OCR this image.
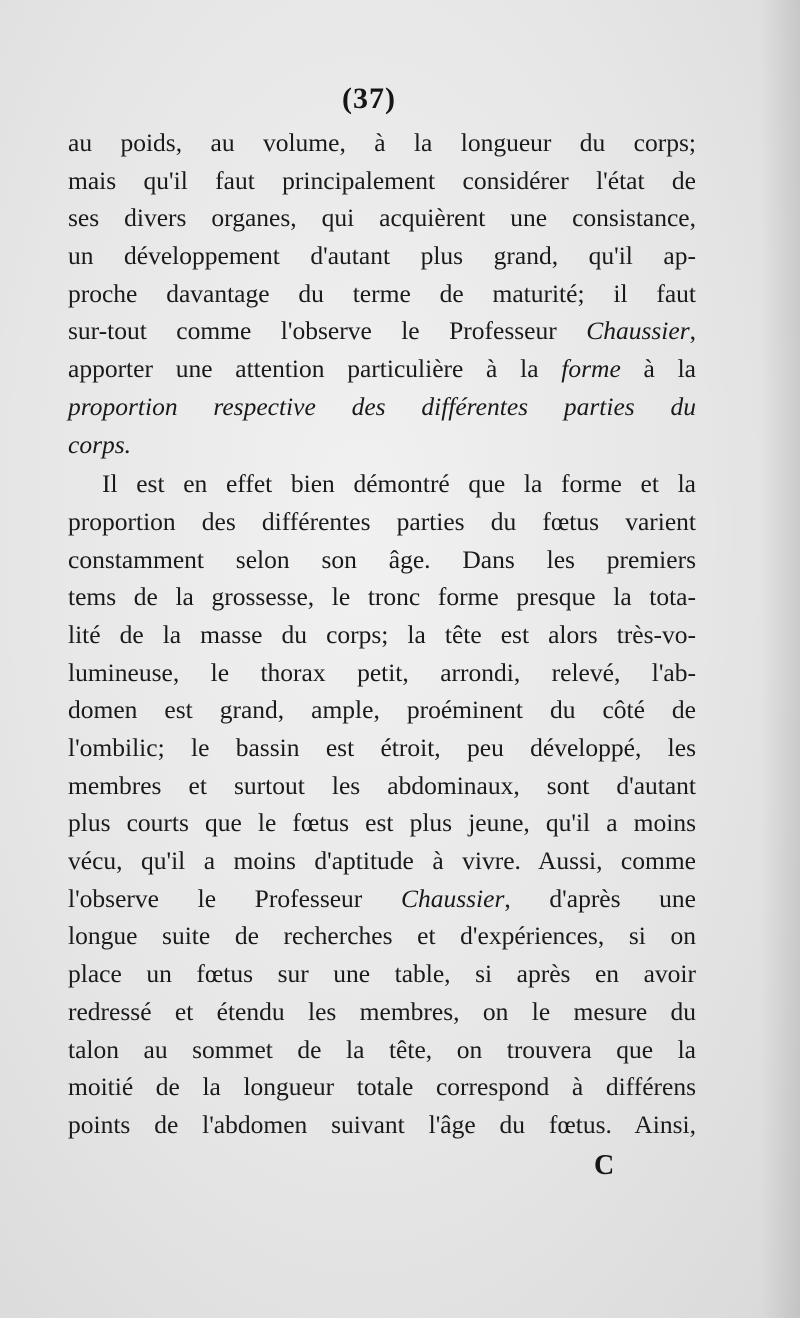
(37)
au poids, au volume, à la longueur du corps;
mais qu'il faut principalement considérer l'état de
ses divers organes, qui acquièrent une consistance,
un développement d'autant plus grand, qu'il ap-
proche davantage du terme de maturité; il faut
sur-tout comme l'observe le Professeur Chaussier,
apporter une attention particulière à la forme à la
proportion respective des différentes parties du
corps.
Il est en effet bien démontré que la forme et la
proportion des différentes parties du fœtus varient
constamment selon son âge. Dans les premiers
tems de la grossesse, le tronc forme presque la tota-
lité de la masse du corps; la tête est alors très-vo-
lumineuse, le thorax petit, arrondi, relevé, l'ab-
domen est grand, ample, proéminent du côté de
l'ombilic; le bassin est étroit, peu développé, les
membres et surtout les abdominaux, sont d'autant
plus courts que le fœtus est plus jeune, qu'il a moins
vécu, qu'il a moins d'aptitude à vivre. Aussi, comme
l'observe le Professeur Chaussier, d'après une
longue suite de recherches et d'expériences, si on
place un fœtus sur une table, si après en avoir
redressé et étendu les membres, on le mesure du
talon au sommet de la tête, on trouvera que la
moitié de la longueur totale correspond à différens
points de l'abdomen suivant l'âge du fœtus. Ainsi,
C
